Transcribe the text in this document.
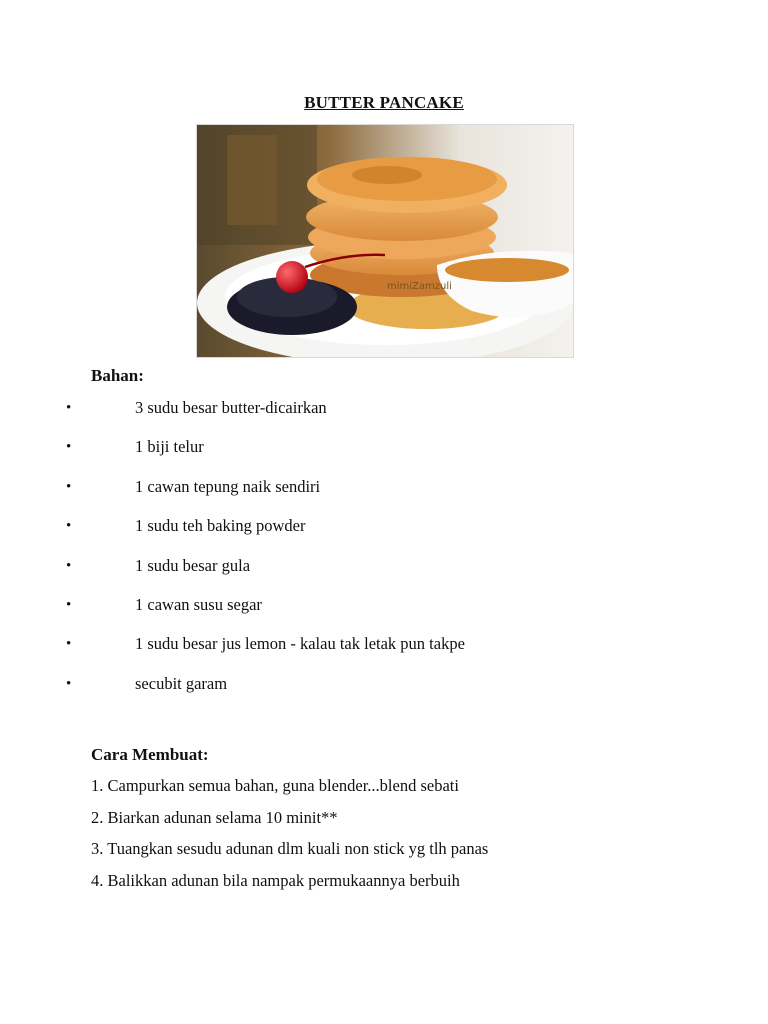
BUTTER PANCAKE
mimiZamzuli
Bahan:
•	3 sudu besar butter-dicairkan
•	1 biji telur
•	1 cawan tepung naik sendiri
•	1 sudu teh baking powder
•	1 sudu besar gula
•	1 cawan susu segar
•	1 sudu besar jus lemon - kalau tak letak pun takpe
•	secubit garam
Cara Membuat:
1. Campurkan semua bahan, guna blender...blend sebati
2. Biarkan adunan selama 10 minit**
3. Tuangkan sesudu adunan dlm kuali non stick yg tlh panas
4. Balikkan adunan bila nampak permukaannya berbuih
